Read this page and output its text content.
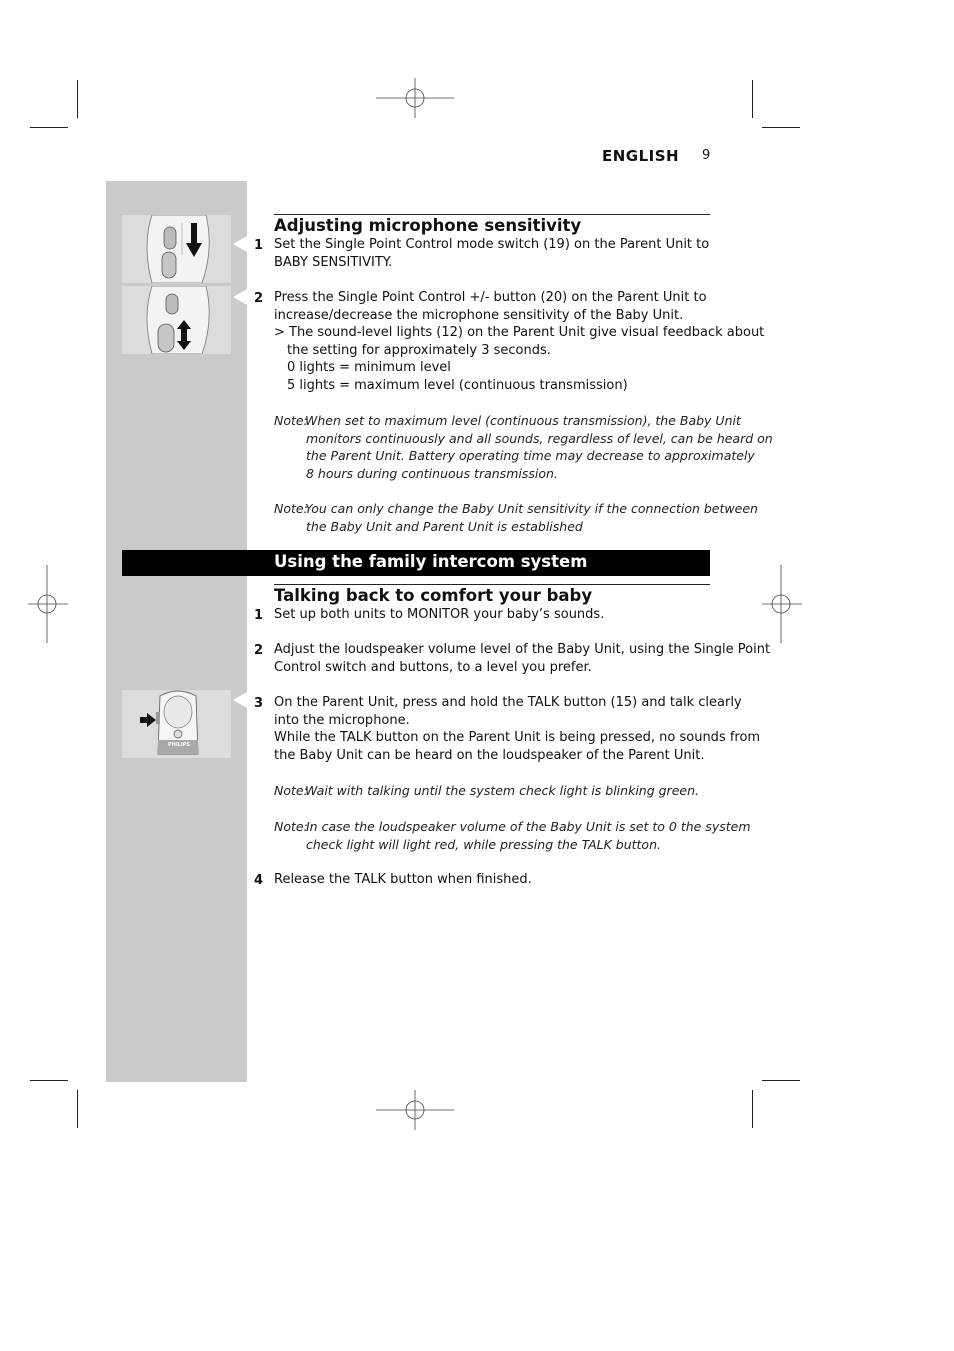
ENGLISH 9
PHILIPS
Adjusting microphone sensitivity
1 Set the Single Point Control mode switch (19) on the Parent Unit to
BABY SENSITIVITY.
2 Press the Single Point Control +/- button (20) on the Parent Unit to
increase/decrease the microphone sensitivity of the Baby Unit.
> The sound-level lights (12) on the Parent Unit give visual feedback about
the setting for approximately 3 seconds.
0 lights = minimum level
5 lights = maximum level (continuous transmission)
Note:
When set to maximum level (continuous transmission), the Baby Unit
monitors continuously and all sounds, regardless of level, can be heard on
the Parent Unit. Battery operating time may decrease to approximately
8 hours during continuous transmission.
Note:
You can only change the Baby Unit sensitivity if the connection between
the Baby Unit and Parent Unit is established
Using the family intercom system
Talking back to comfort your baby
1 Set up both units to MONITOR your baby’s sounds.
2 Adjust the loudspeaker volume level of the Baby Unit, using the Single Point
Control switch and buttons, to a level you prefer.
3 On the Parent Unit, press and hold the TALK button (15) and talk clearly
into the microphone.
While the TALK button on the Parent Unit is being pressed, no sounds from
the Baby Unit can be heard on the loudspeaker of the Parent Unit.
Note:
Wait with talking until the system check light is blinking green.
Note:
In case the loudspeaker volume of the Baby Unit is set to 0 the system
check light will light red, while pressing the TALK button.
4 Release the TALK button when finished.
